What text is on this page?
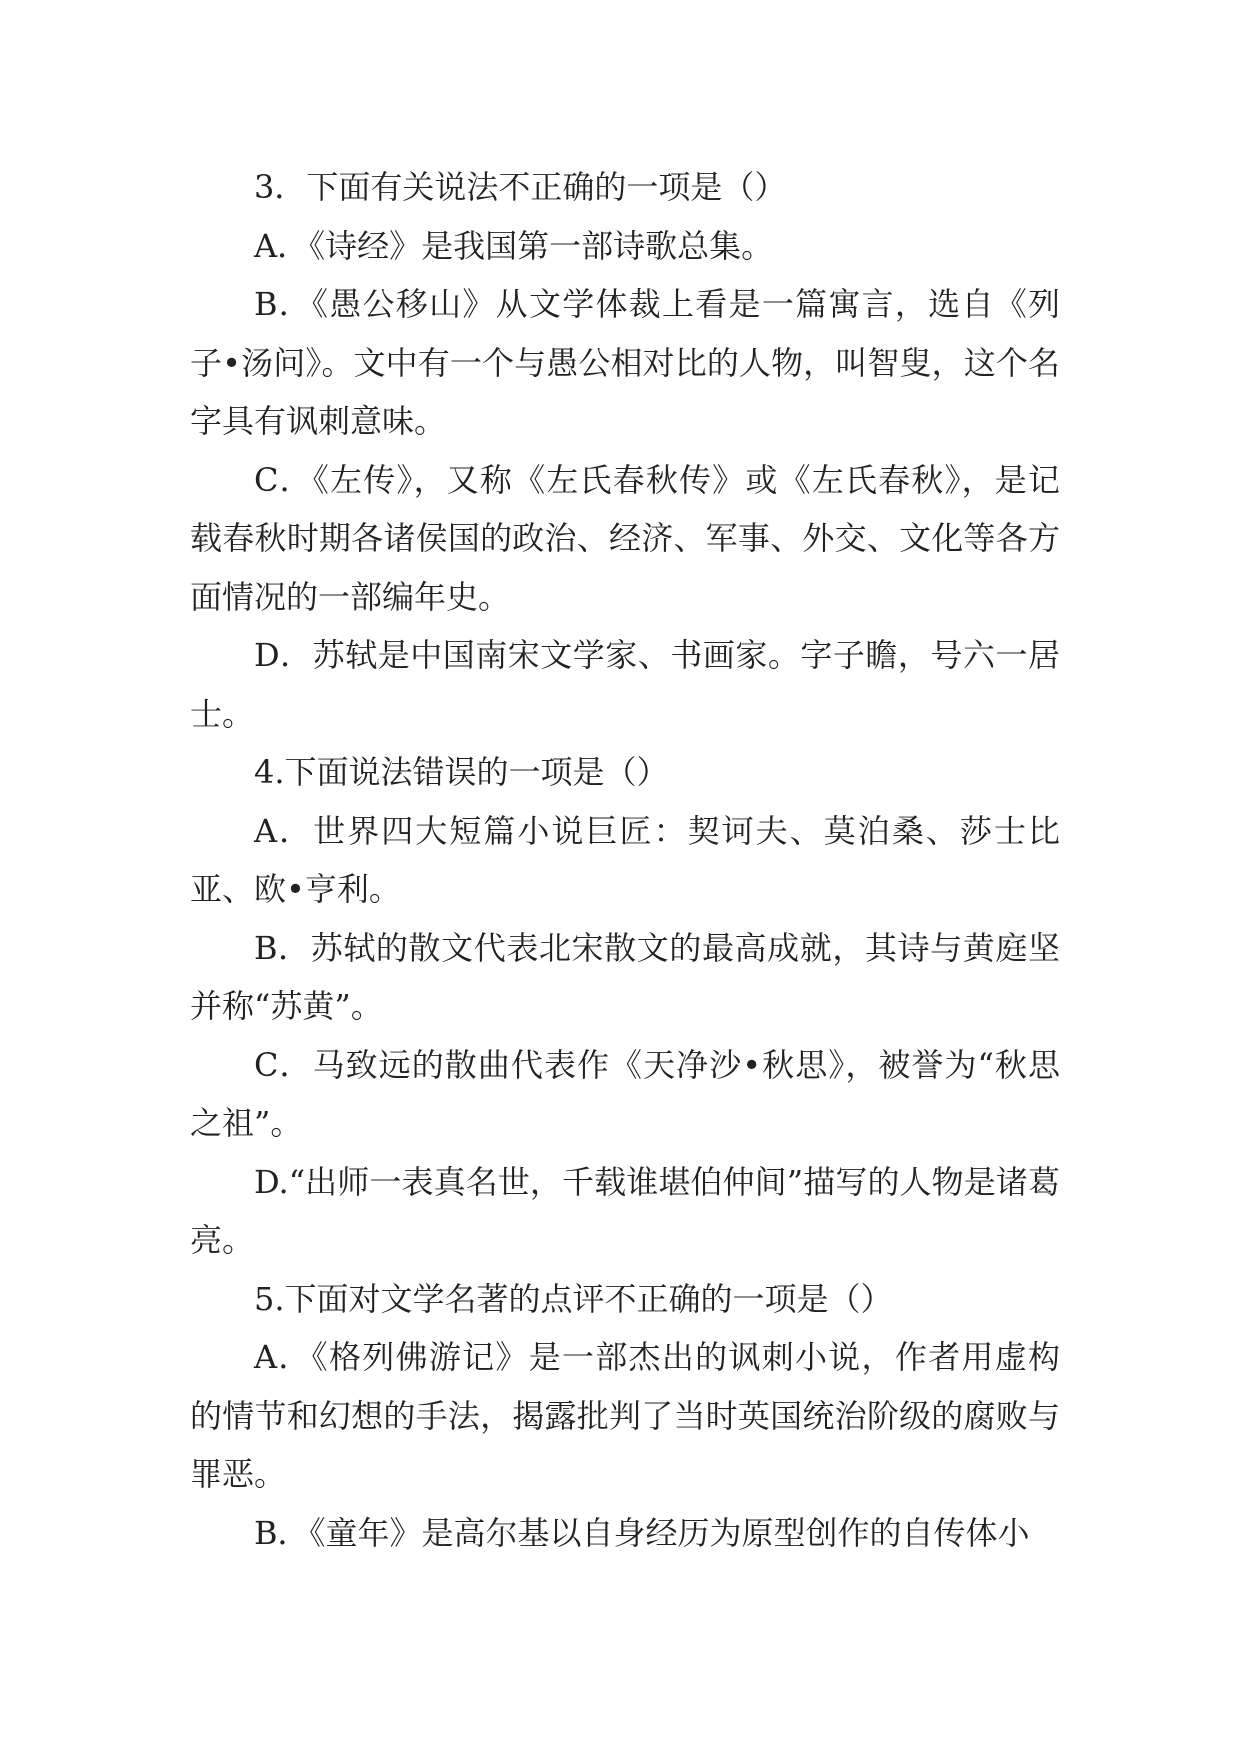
3．下面有关说法不正确的一项是（）

A．《诗经》是我国第一部诗歌总集。

B．《愚公移山》从文学体裁上看是一篇寓言，选自《列子•汤问》。文中有一个与愚公相对比的人物，叫智叟，这个名字具有讽刺意味。

C．《左传》，又称《左氏春秋传》或《左氏春秋》，是记载春秋时期各诸侯国的政治、经济、军事、外交、文化等各方面情况的一部编年史。

D．苏轼是中国南宋文学家、书画家。字子瞻，号六一居士。

4.下面说法错误的一项是（）

A．世界四大短篇小说巨匠：契诃夫、莫泊桑、莎士比亚、欧•亨利。

B．苏轼的散文代表北宋散文的最高成就，其诗与黄庭坚并称“苏黄”。

C．马致远的散曲代表作《天净沙•秋思》，被誉为“秋思之祖”。

D.“出师一表真名世，千载谁堪伯仲间”描写的人物是诸葛亮。

5.下面对文学名著的点评不正确的一项是（）

A．《格列佛游记》是一部杰出的讽刺小说，作者用虚构的情节和幻想的手法，揭露批判了当时英国统治阶级的腐败与罪恶。

B．《童年》是高尔基以自身经历为原型创作的自传体小
